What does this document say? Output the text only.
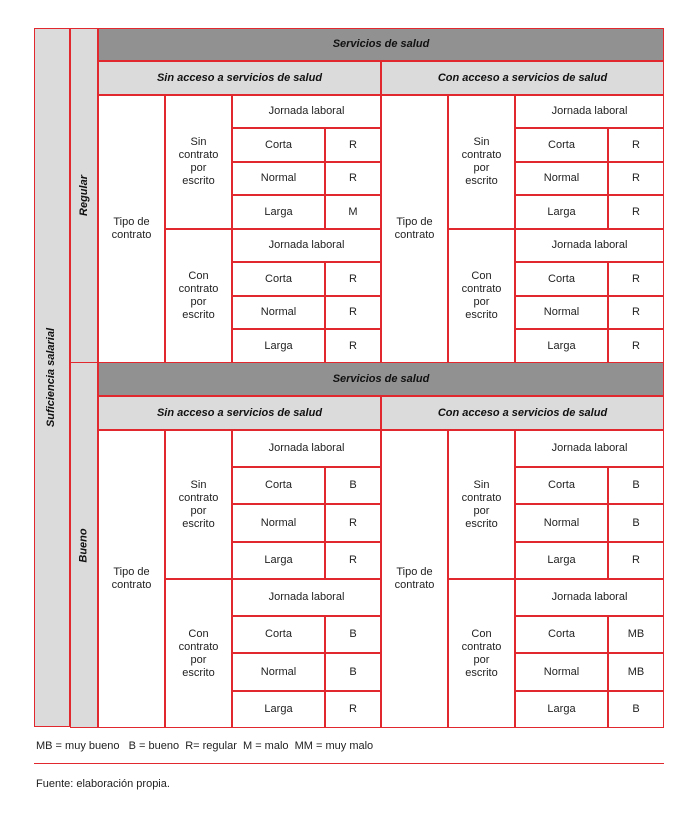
Suficiencia salarial
Regular
Servicios de salud
Sin acceso a servicios de salud
Tipo de contrato
Sin contrato por escrito
Jornada laboral
Corta	R
Normal	R
Larga	M
Con contrato por escrito
Jornada laboral
Corta	R
Normal	R
Larga	R
Con acceso a servicios de salud
Tipo de contrato
Sin contrato por escrito
Jornada laboral
Corta	R
Normal	R
Larga	R
Con contrato por escrito
Jornada laboral
Corta	R
Normal	R
Larga	R
Bueno
Servicios de salud
Sin acceso a servicios de salud
Tipo de contrato
Sin contrato por escrito
Jornada laboral
Corta	B
Normal	R
Larga	R
Con contrato por escrito
Jornada laboral
Corta	B
Normal	B
Larga	R
Con acceso a servicios de salud
Tipo de contrato
Sin contrato por escrito
Jornada laboral
Corta	B
Normal	B
Larga	R
Con contrato por escrito
Jornada laboral
Corta	MB
Normal	MB
Larga	B
MB = muy bueno   B = bueno  R= regular  M = malo  MM = muy malo
Fuente: elaboración propia.
